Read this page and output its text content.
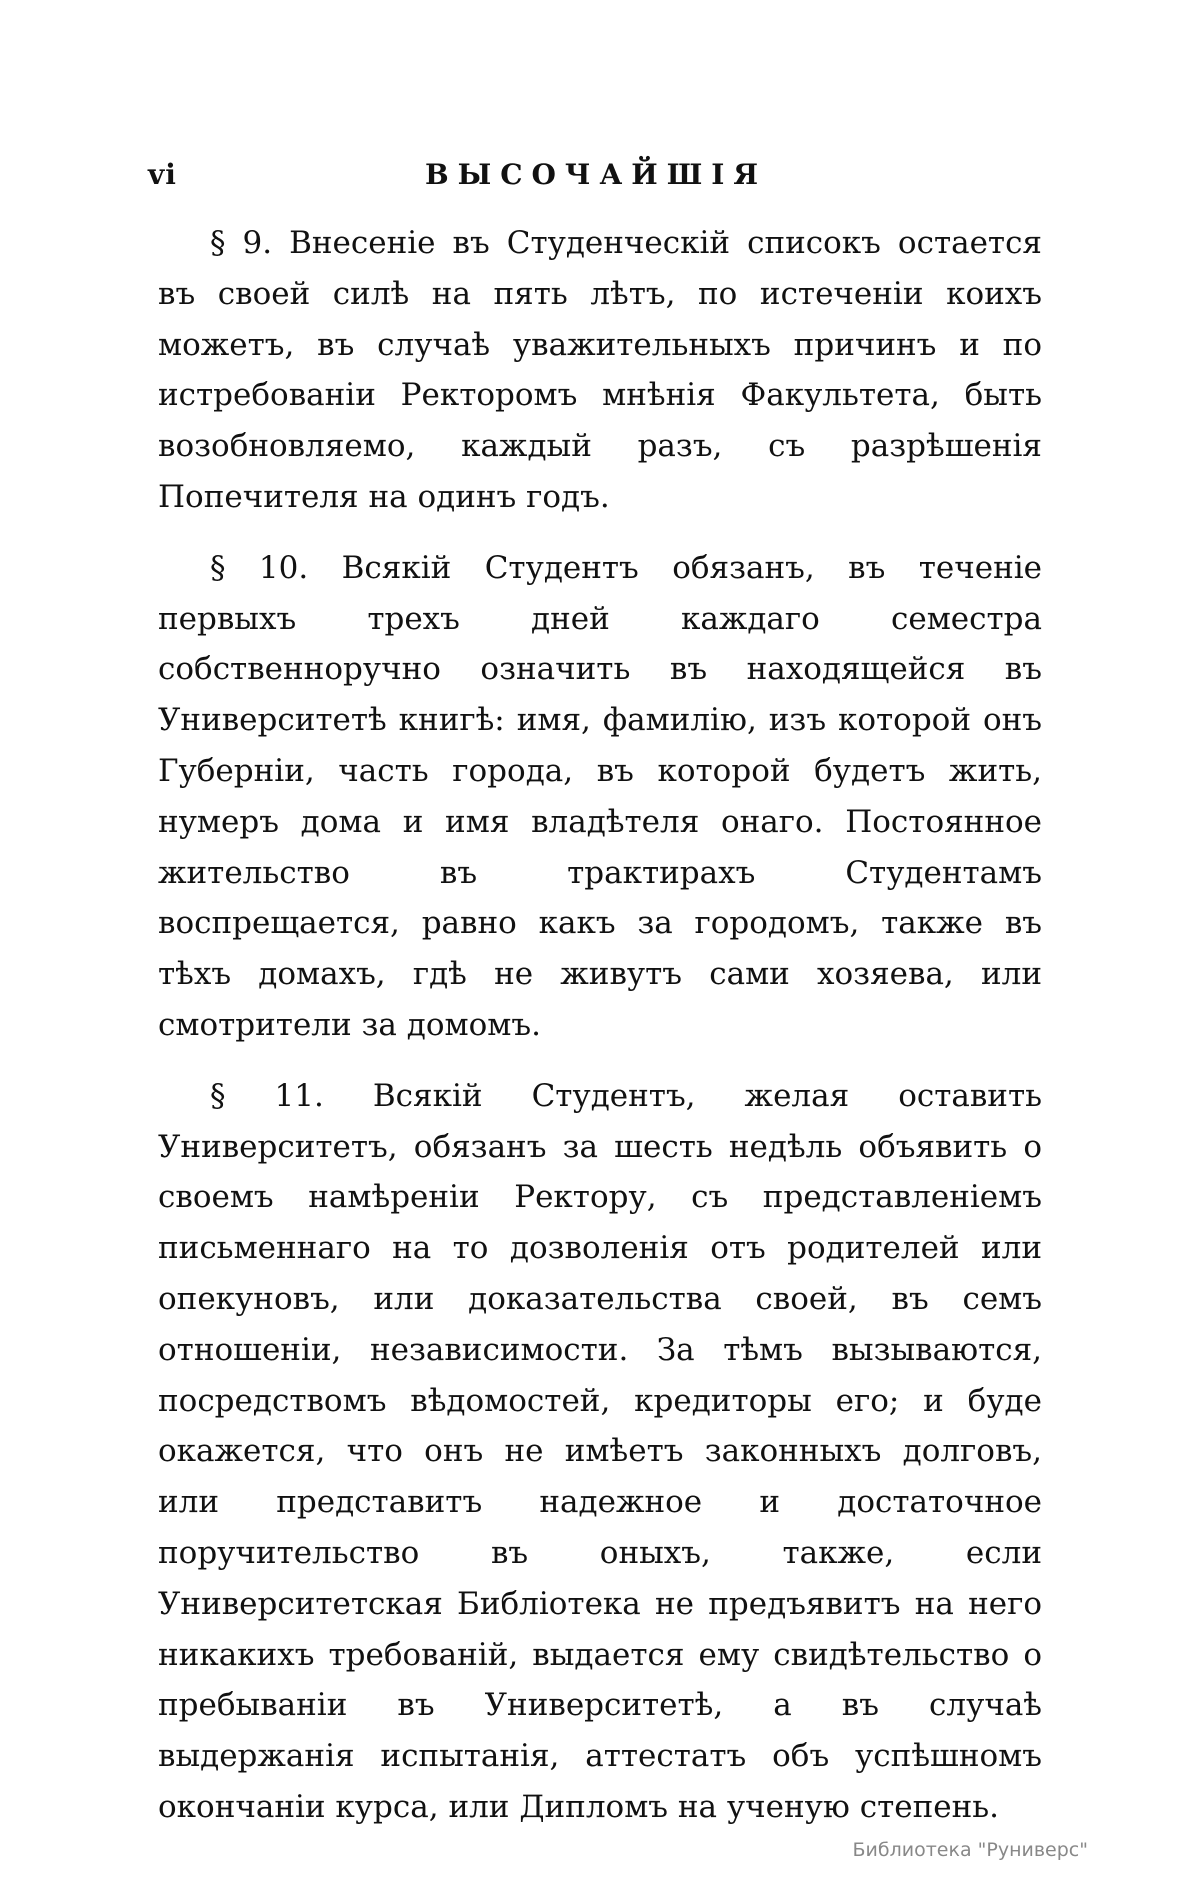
vi	ВЫСОЧАЙШІЯ

§ 9. Внесеніе въ Студенческій списокъ остается въ своей силѣ на пять лѣтъ, по истеченіи коихъ можетъ, въ случаѣ уважительныхъ причинъ и по истребованіи Ректоромъ мнѣнія Факультета, быть возобновляемо, каждый разъ, съ разрѣшенія Попечителя на одинъ годъ.

§ 10. Всякій Студентъ обязанъ, въ теченіе первыхъ трехъ дней каждаго семестра собственноручно означить въ находящейся въ Университетѣ книгѣ: имя, фамилію, изъ которой онъ Губерніи, часть города, въ которой будетъ жить, нумеръ дома и имя владѣтеля онаго. Постоянное жительство въ трактирахъ Студентамъ воспрещается, равно какъ за городомъ, также въ тѣхъ домахъ, гдѣ не живутъ сами хозяева, или смотрители за домомъ.

§ 11. Всякій Студентъ, желая оставить Университетъ, обязанъ за шесть недѣль объявить о своемъ намѣреніи Ректору, съ представленіемъ письменнаго на то дозволенія отъ родителей или опекуновъ, или доказательства своей, въ семъ отношеніи, независимости. За тѣмъ вызываются, посредствомъ вѣдомостей, кредиторы его; и буде окажется, что онъ не имѣетъ законныхъ долговъ, или представитъ надежное и достаточное поручительство въ оныхъ, также, если Университетская Библіотека не предъявитъ на него никакихъ требованій, выдается ему свидѣтельство о пребываніи въ Университетѣ, а въ случаѣ выдержанія испытанія, аттестатъ объ успѣшномъ окончаніи курса, или Дипломъ на ученую степень.

Библиотека "Руниверс"
